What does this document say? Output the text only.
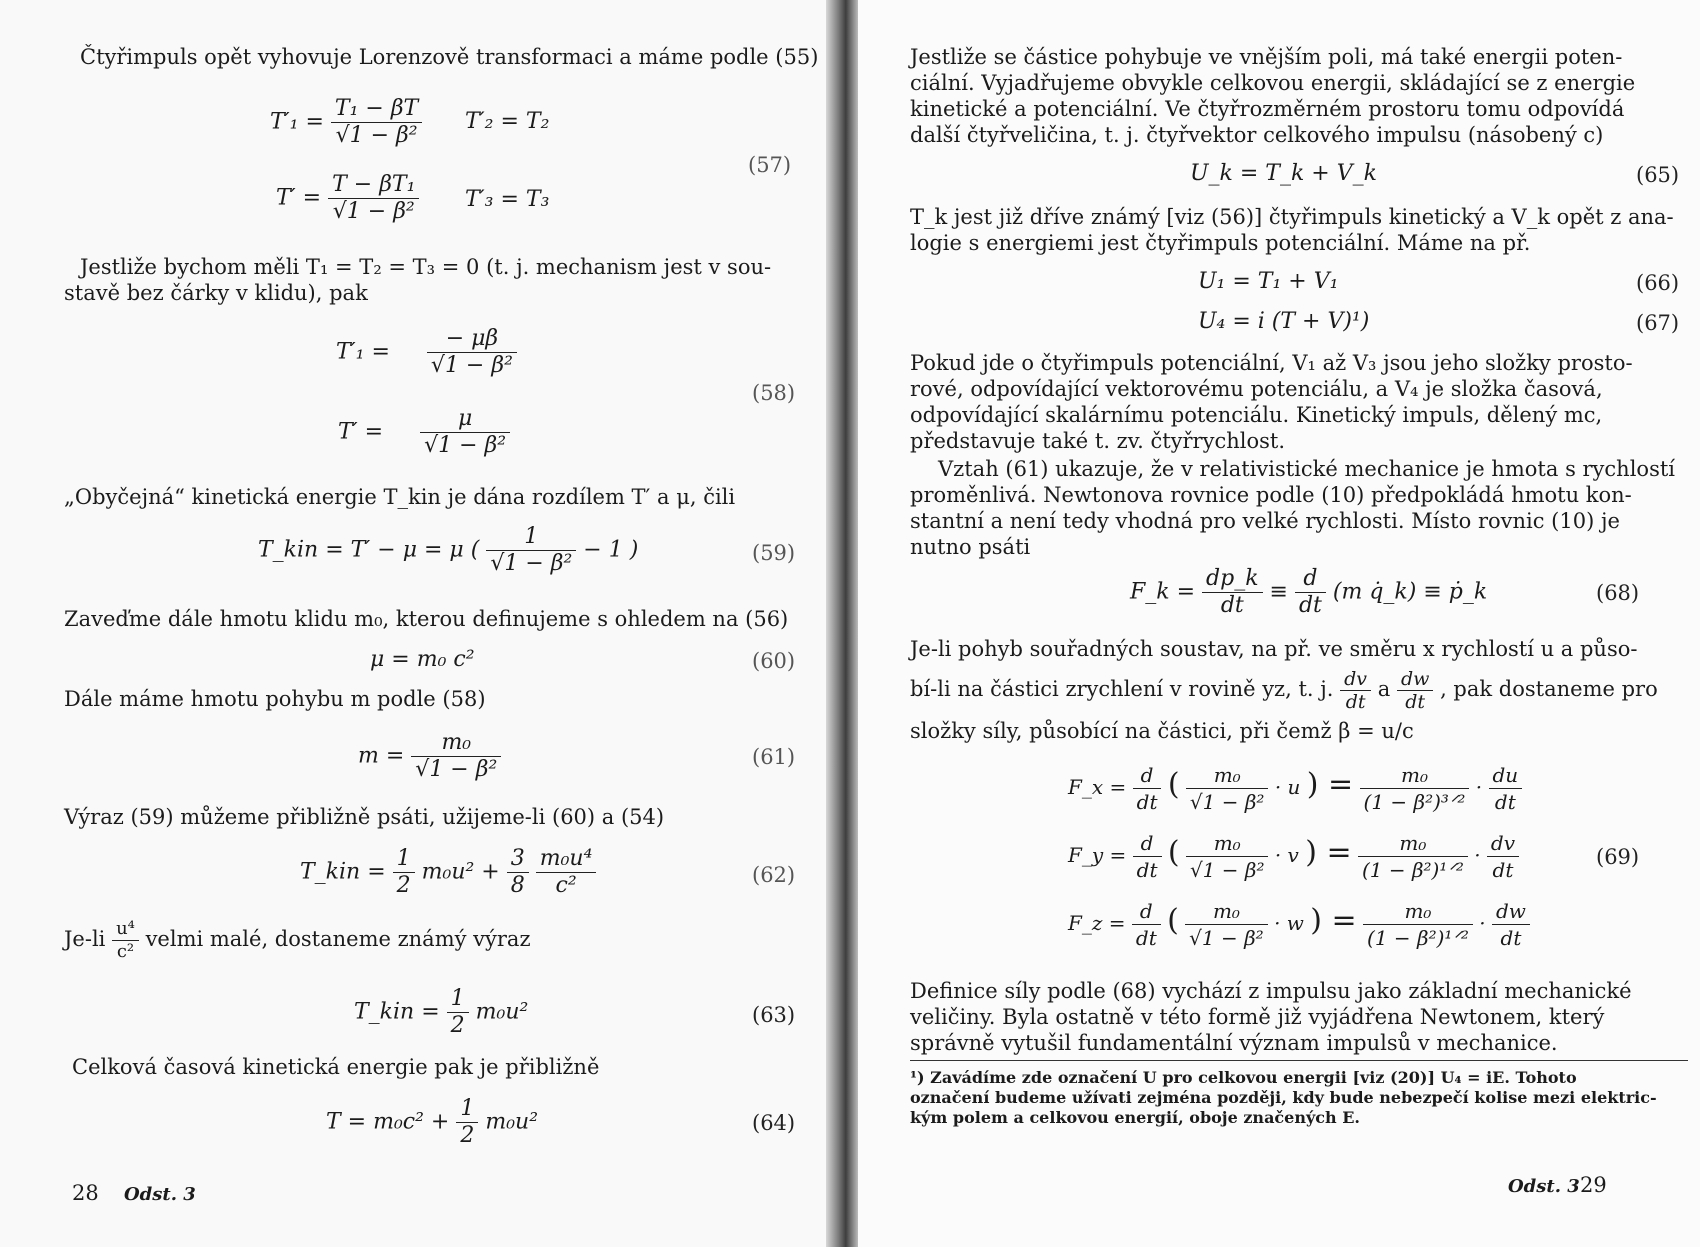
Čtyřimpuls opět vyhovuje Lorenzově transformaci a máme podle (55)
$T'_1 = \frac{\text{T₁ − βT}}{\text{√1 − β²}} T'_2 = T_2$
$T' = \frac{\text{T − βT₁}}{\text{√1 − β²}} T'_3 = T_3$
(57)
Jestliže bychom měli T₁ = T₂ = T₃ = 0 (t. j. mechanism jest v sou-
stavě bez čárky v klidu), pak
$T'_1 = \frac{- \mu\beta}{\text{√1 − β²}}$
$T' = \frac{\mu}{\text{√1 − β²}}$
(58)
„Obyčejná“ kinetická energie T_kin je dána rozdílem T′ a μ, čili
T_kin = T′ − μ = μ ( $\frac{1}{\text{√1 − β²}} - 1$ )	(59)
Zaveďme dále hmotu klidu m₀, kterou definujeme s ohledem na (56)
μ = m₀ c²	(60)
Dále máme hmotu pohybu m podle (58)
$m = \frac{\text{m₀}}{\text{√1 − β²}}$	(61)
Výraz (59) můžeme přibližně psáti, užijeme-li (60) a (54)
T_kin = $\frac{1}{2} m_0u^2 + \frac{3}{8}$
$\frac{\text{m₀u⁴}}{\text{c²}}$	(62)
$Je-li \frac{\text{u⁴}}{\text{c²}}$ velmi malé, dostaneme známý výraz
T_kin = $\frac{1}{2} m_0u^2$	(63)
Celková časová kinetická energie pak je přibližně
$T = m_0c^2 + \frac{1}{2} m_0u^2$	(64)
28 Odst. 3
Jestliže se částice pohybuje ve vnějším poli, má také energii poten-
ciální. Vyjadřujeme obvykle celkovou energii, skládající se z energie
kinetické a potenciální. Ve čtyřrozměrném prostoru tomu odpovídá
další čtyřveličina, t. j. čtyřvektor celkového impulsu (násobený c)
U_k = T_k + V_k	(65)
T_k jest již dříve známý [viz (56)] čtyřimpuls kinetický a V_k opět z ana-
logie s energiemi jest čtyřimpuls potenciální. Máme na př.
U₁ = T₁ + V₁	(66)
U₄ = i (T + V)¹)	(67)
Pokud jde o čtyřimpuls potenciální, V₁ až V₃ jsou jeho složky prosto-
rové, odpovídající vektorovému potenciálu, a V₄ je složka časová,
odpovídající skalárnímu potenciálu. Kinetický impuls, dělený mc,
představuje také t. zv. čtyřrychlost.
Vztah (61) ukazuje, že v relativistické mechanice je hmota s rychlostí
proměnlivá. Newtonova rovnice podle (10) předpokládá hmotu kon-
stantní a není tedy vhodná pro velké rychlosti. Místo rovnic (10) je
nutno psáti
F_k = $\frac{dp\_k}{dt} \equiv \frac{d}{dt} (m$ q̇_k) ≡ ṗ_k	(68)
Je-li pohyb souřadných soustav, na př. ve směru x rychlostí u a půso-
bí-li na částici zrychlení v rovině yz, t. j. $\frac{dv}{dt}$ a $\frac{dw}{dt}$ , pak dostaneme pro
složky síly, působící na částici, při čemž β = u/c
F_x = $\frac{d}{dt}$ ( $\frac{\text{m₀}}{\text{√1 − β²}} \cdot u$ ) = $\frac{\text{m₀}}{\text{(1 − β²)³ᐟ²}} \cdot \frac{du}{dt}$
F_y = $\frac{d}{dt}$ ( $\frac{\text{m₀}}{\text{√1 − β²}} \cdot v$ ) = $\frac{\text{m₀}}{\text{(1 − β²)¹ᐟ²}} \cdot \frac{dv}{dt}$
F_z = $\frac{d}{dt}$ ( $\frac{\text{m₀}}{\text{√1 − β²}} \cdot w$ ) = $\frac{\text{m₀}}{\text{(1 − β²)¹ᐟ²}} \cdot \frac{dw}{dt}$
(69)
Definice síly podle (68) vychází z impulsu jako základní mechanické
veličiny. Byla ostatně v této formě již vyjádřena Newtonem, který
správně vytušil fundamentální význam impulsů v mechanice.
¹) Zavádíme zde označení U pro celkovou energii [viz (20)] U₄ = iE. Tohoto
označení budeme užívati zejména později, kdy bude nebezpečí kolise mezi elektric-
kým polem a celkovou energií, oboje značených E.
Odst. 3 29
